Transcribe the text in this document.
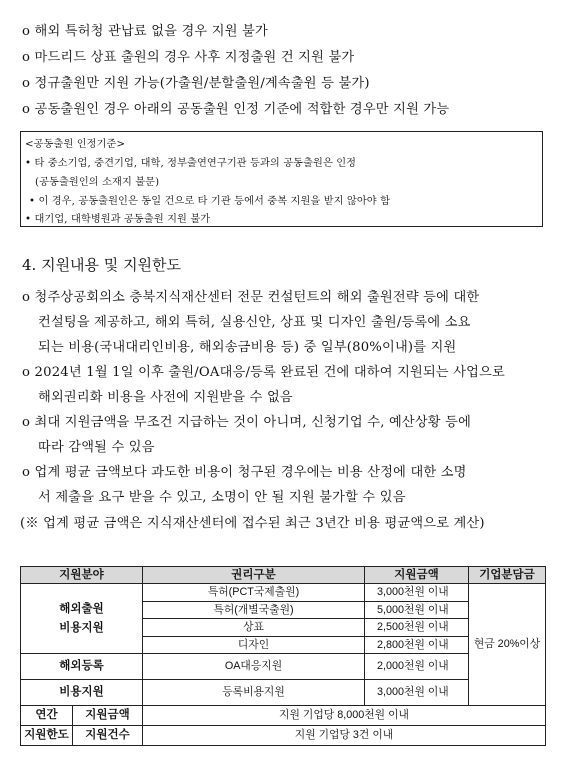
o 해외 특허청 관납료 없을 경우 지원 불가
o 마드리드 상표 출원의 경우 사후 지정출원 건 지원 불가
o 정규출원만 지원 가능(가출원/분할출원/계속출원 등 불가)
o 공동출원인 경우 아래의 공동출원 인정 기준에 적합한 경우만 지원 가능
<공동출원 인정기준>
• 타 중소기업, 중견기업, 대학, 정부출연연구기관 등과의 공동출원은 인정
(공동출원인의 소재지 불문)
• 이 경우, 공동출원인은 동일 건으로 타 기관 등에서 중복 지원을 받지 않아야 함
• 대기업, 대학병원과 공동출원 지원 불가
4. 지원내용 및 지원한도
o 청주상공회의소 충북지식재산센터 전문 컨설턴트의 해외 출원전략 등에 대한
컨설팅을 제공하고, 해외 특허, 실용신안, 상표 및 디자인 출원/등록에 소요
되는 비용(국내대리인비용, 해외송금비용 등) 중 일부(80%이내)를 지원
o 2024년 1월 1일 이후 출원/OA대응/등록 완료된 건에 대하여 지원되는 사업으로
해외권리화 비용을 사전에 지원받을 수 없음
o 최대 지원금액을 무조건 지급하는 것이 아니며, 신청기업 수, 예산상황 등에
따라 감액될 수 있음
o 업계 평균 금액보다 과도한 비용이 청구된 경우에는 비용 산정에 대한 소명
서 제출을 요구 받을 수 있고, 소명이 안 될 지원 불가할 수 있음
(※ 업계 평균 금액은 지식재산센터에 접수된 최근 3년간 비용 평균액으로 계산)
지원분야		권리구분	지원금액	기업분담금

해외출원
비용지원		특허(PCT국제출원)	3,000천원 이내	현금 20%이상
		특허(개별국출원)	5,000천원 이내	
		상표	2,500천원 이내	
		디자인	2,800천원 이내	
해외등록		OA대응지원	2,000천원 이내	
비용지원		등록비용지원	3,000천원 이내	
연간	지원금액	지원 기업당 8,000천원 이내		
지원한도	지원건수	지원 기업당 3건 이내		
